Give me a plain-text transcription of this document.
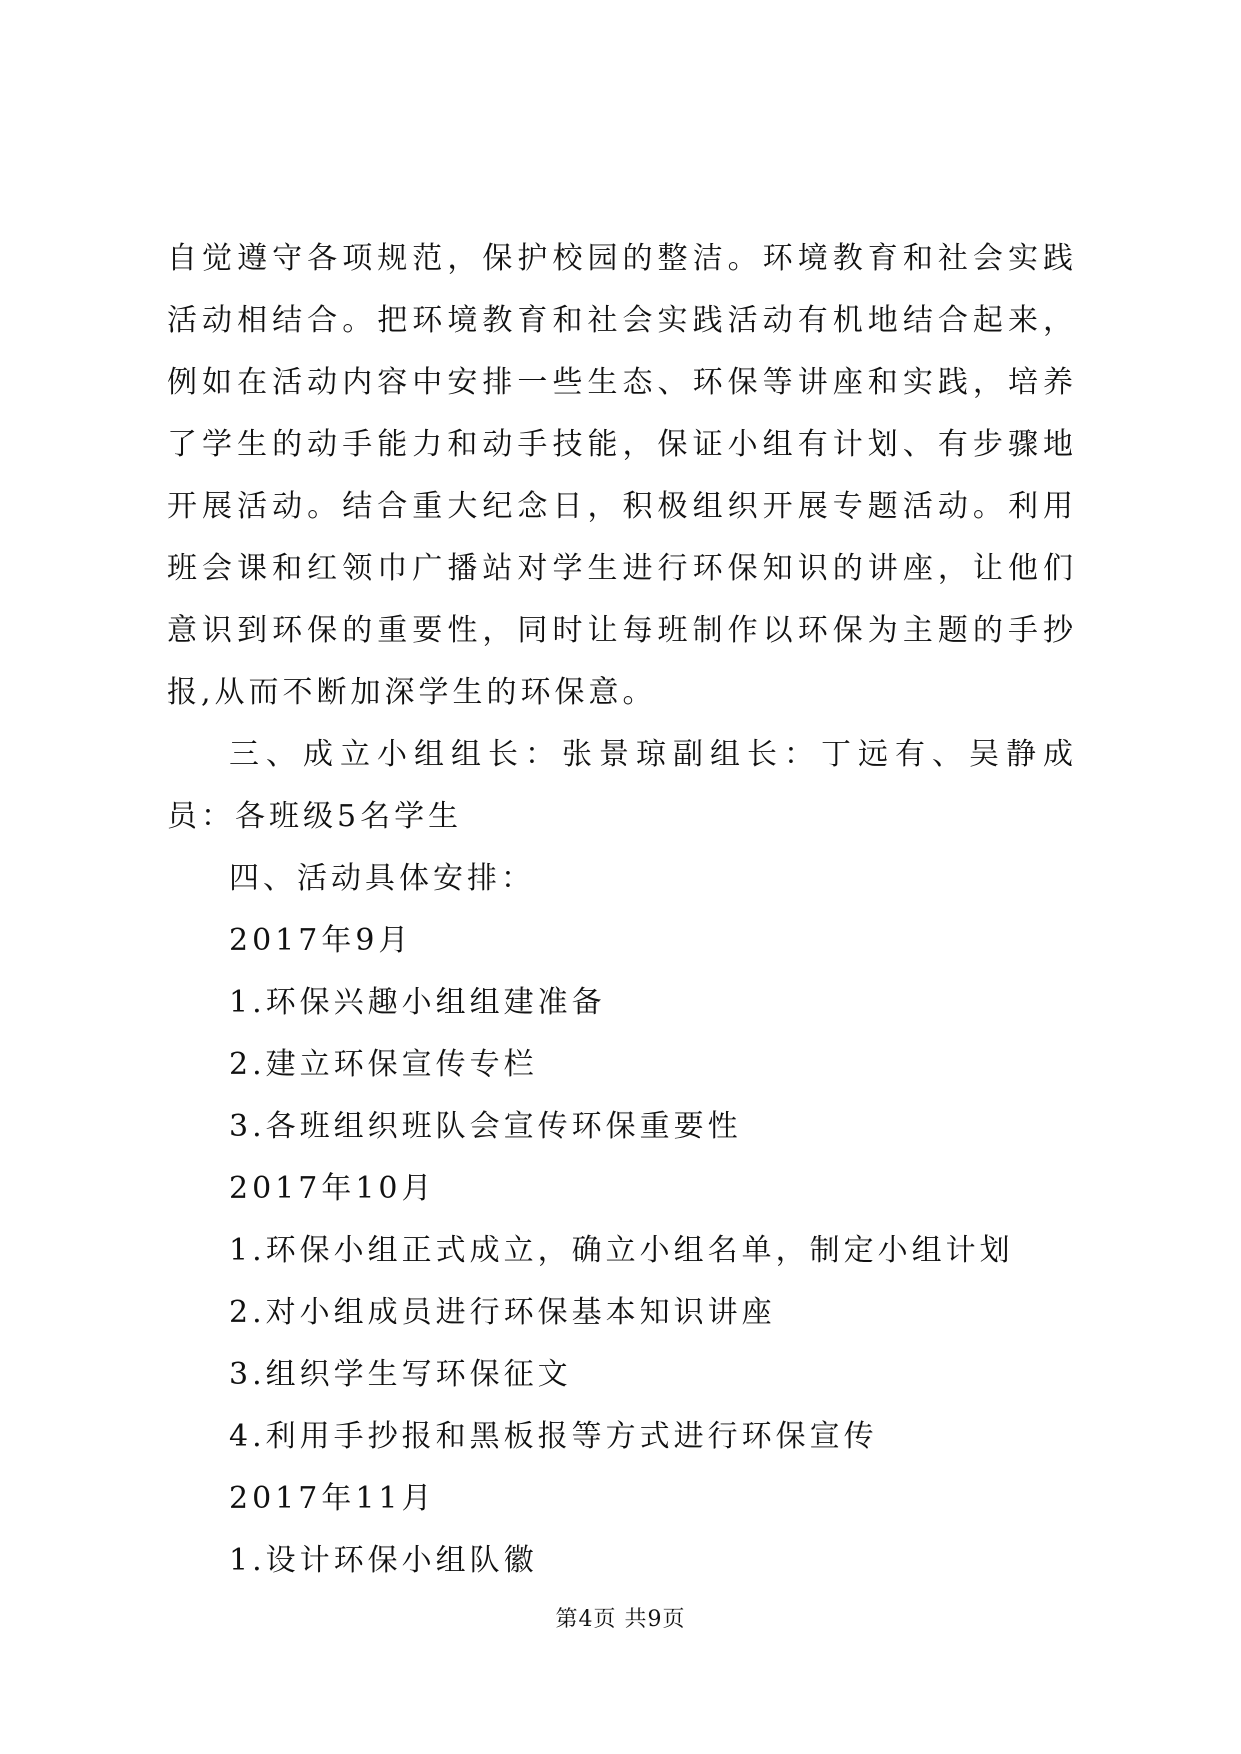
自觉遵守各项规范，保护校园的整洁。环境教育和社会实践活动相结合。把环境教育和社会实践活动有机地结合起来，例如在活动内容中安排一些生态、环保等讲座和实践，培养了学生的动手能力和动手技能，保证小组有计划、有步骤地开展活动。结合重大纪念日，积极组织开展专题活动。利用班会课和红领巾广播站对学生进行环保知识的讲座，让他们意识到环保的重要性，同时让每班制作以环保为主题的手抄报,从而不断加深学生的环保意。

三、成立小组组长：张景琼副组长：丁远有、吴静成员：各班级5名学生

四、活动具体安排：

2017年9月

1.环保兴趣小组组建准备

2.建立环保宣传专栏

3.各班组织班队会宣传环保重要性

2017年10月

1.环保小组正式成立，确立小组名单，制定小组计划

2.对小组成员进行环保基本知识讲座

3.组织学生写环保征文

4.利用手抄报和黑板报等方式进行环保宣传

2017年11月

1.设计环保小组队徽

第4页 共9页
